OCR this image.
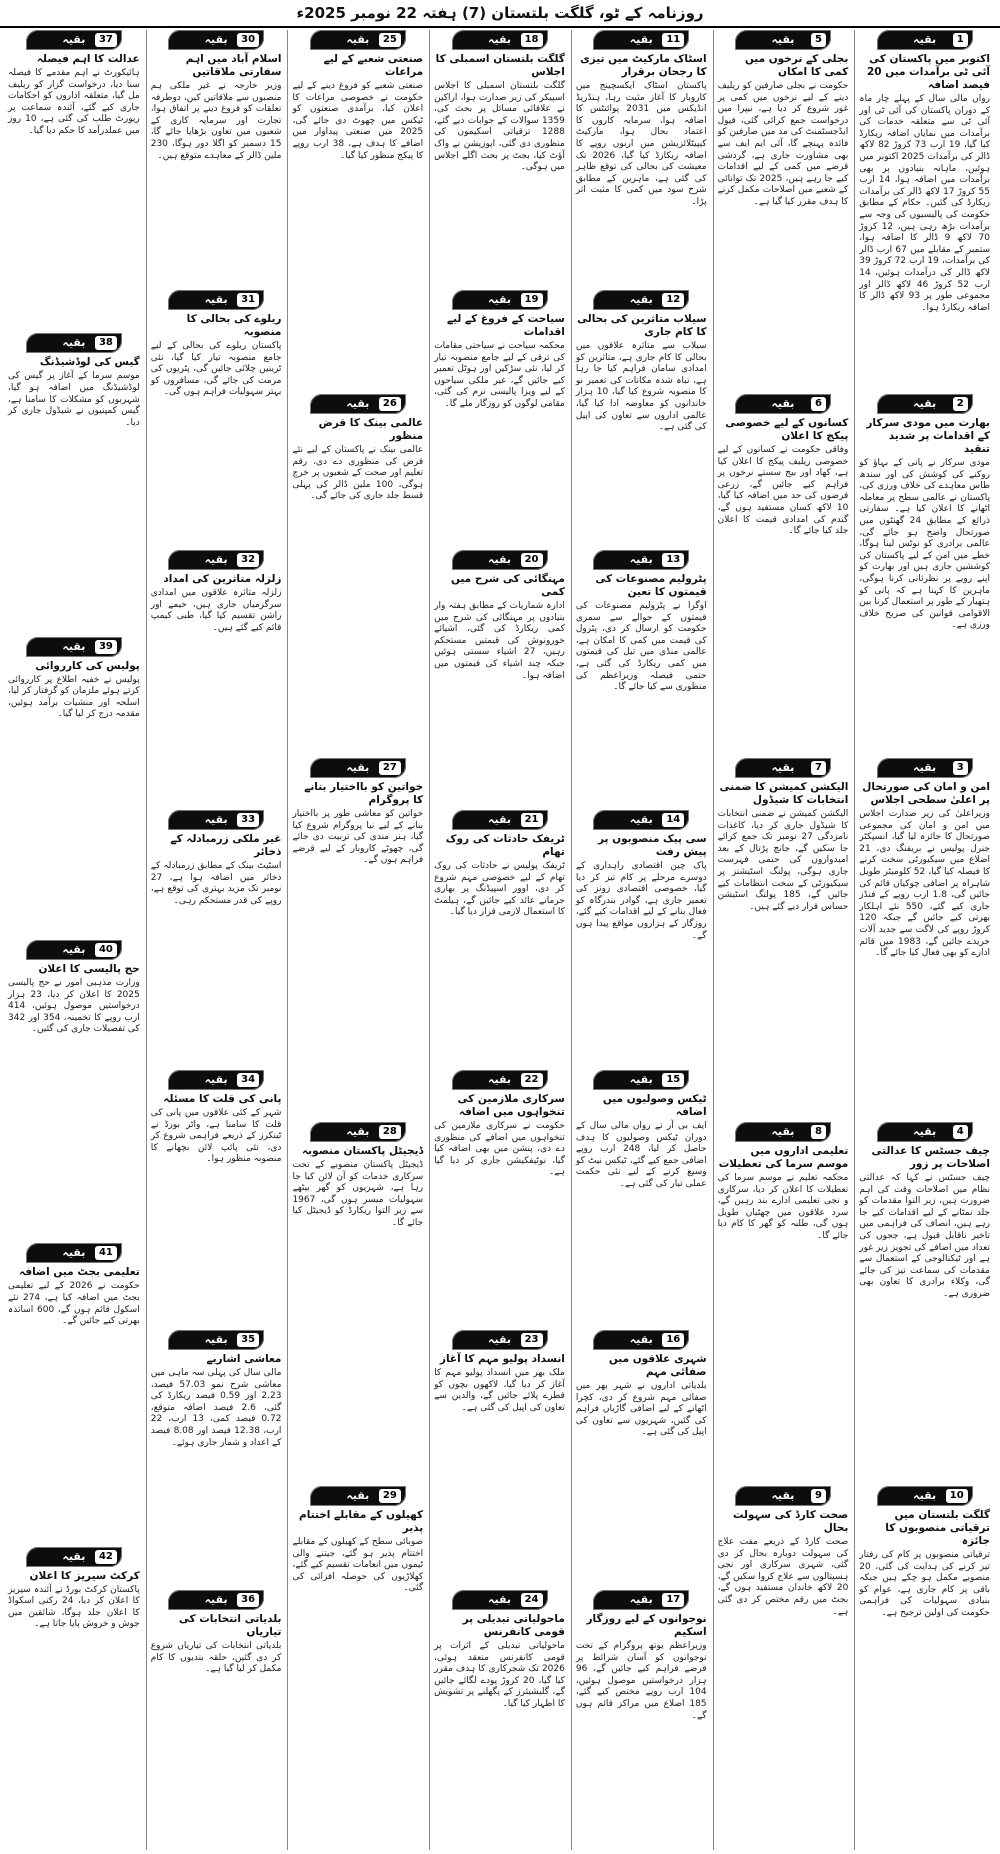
روزنامہ کے ٹو، گلگت بلتستان (7) ہفتہ 22 نومبر 2025ء
بقیہ	1
اکتوبر میں پاکستان کی آئی ٹی برآمدات میں 20 فیصد اضافہ
رواں مالی سال کے پہلے چار ماہ کے دوران پاکستان کی آئی ٹی اور آئی ٹی سے متعلقہ خدمات کی برآمدات میں نمایاں اضافہ ریکارڈ کیا گیا، 19 ارب 73 کروڑ 82 لاکھ ڈالر کی برآمدات 2025 اکتوبر میں ہوئیں، ماہانہ بنیادوں پر بھی برآمدات میں اضافہ ہوا، 14 ارب 55 کروڑ 17 لاکھ ڈالر کی برآمدات ریکارڈ کی گئیں۔ حکام کے مطابق حکومت کی پالیسیوں کی وجہ سے برآمدات بڑھ رہی ہیں، 12 کروڑ 70 لاکھ 9 ڈالر کا اضافہ ہوا، ستمبر کے مقابلے میں 67 ارب ڈالر کی برآمدات، 19 ارب 72 کروڑ 39 لاکھ ڈالر کی درآمدات ہوئیں، 14 ارب 52 کروڑ 46 لاکھ ڈالر اور مجموعی طور پر 93 لاکھ ڈالر کا اضافہ ریکارڈ ہوا۔
بقیہ	2
بھارت میں مودی سرکار کے اقدامات پر شدید تنقید
مودی سرکار نے پانی کے بہاؤ کو روکنے کی کوشش کی اور سندھ طاس معاہدے کی خلاف ورزی کی، پاکستان نے عالمی سطح پر معاملہ اٹھانے کا اعلان کیا ہے۔ سفارتی ذرائع کے مطابق 24 گھنٹوں میں صورتحال واضح ہو جائے گی، عالمی برادری کو نوٹس لینا ہوگا، خطے میں امن کے لیے پاکستان کی کوششیں جاری ہیں اور بھارت کو اپنے رویے پر نظرثانی کرنا ہوگی، ماہرین کا کہنا ہے کہ پانی کو ہتھیار کے طور پر استعمال کرنا بین الاقوامی قوانین کی صریح خلاف ورزی ہے۔
بقیہ	3
امن و امان کی صورتحال پر اعلیٰ سطحی اجلاس
وزیراعلیٰ کی زیر صدارت اجلاس میں امن و امان کی مجموعی صورتحال کا جائزہ لیا گیا، انسپکٹر جنرل پولیس نے بریفنگ دی، 21 اضلاع میں سیکیورٹی سخت کرنے کا فیصلہ کیا گیا، 52 کلومیٹر طویل شاہراہ پر اضافی چوکیاں قائم کی جائیں گی، 1.8 ارب روپے کے فنڈز جاری کیے گئے، 550 نئے اہلکار بھرتی کیے جائیں گے جبکہ 120 کروڑ روپے کی لاگت سے جدید آلات خریدے جائیں گے، 1983 میں قائم ادارے کو بھی فعال کیا جائے گا۔
بقیہ	4
چیف جسٹس کا عدالتی اصلاحات پر زور
چیف جسٹس نے کہا کہ عدالتی نظام میں اصلاحات وقت کی اہم ضرورت ہیں، زیر التوا مقدمات کو جلد نمٹانے کے لیے اقدامات کیے جا رہے ہیں، انصاف کی فراہمی میں تاخیر ناقابل قبول ہے، ججوں کی تعداد میں اضافے کی تجویز زیر غور ہے اور ٹیکنالوجی کے استعمال سے مقدمات کی سماعت تیز کی جائے گی، وکلاء برادری کا تعاون بھی ضروری ہے۔
بقیہ	10
گلگت بلتستان میں ترقیاتی منصوبوں کا جائزہ
ترقیاتی منصوبوں پر کام کی رفتار تیز کرنے کی ہدایت کی گئی، 20 منصوبے مکمل ہو چکے ہیں جبکہ باقی پر کام جاری ہے، عوام کو بنیادی سہولیات کی فراہمی حکومت کی اولین ترجیح ہے۔
بقیہ	5
بجلی کے نرخوں میں کمی کا امکان
حکومت نے بجلی صارفین کو ریلیف دینے کے لیے نرخوں میں کمی پر غور شروع کر دیا ہے، نیپرا میں درخواست جمع کرائی گئی، فیول ایڈجسٹمنٹ کی مد میں صارفین کو فائدہ پہنچے گا، آئی ایم ایف سے بھی مشاورت جاری ہے، گردشی قرضے میں کمی کے لیے اقدامات کیے جا رہے ہیں، 2025 تک توانائی کے شعبے میں اصلاحات مکمل کرنے کا ہدف مقرر کیا گیا ہے۔
بقیہ	6
کسانوں کے لیے خصوصی پیکج کا اعلان
وفاقی حکومت نے کسانوں کے لیے خصوصی ریلیف پیکج کا اعلان کیا ہے، کھاد اور بیج سستے نرخوں پر فراہم کیے جائیں گے، زرعی قرضوں کی حد میں اضافہ کیا گیا، 10 لاکھ کسان مستفید ہوں گے، گندم کی امدادی قیمت کا اعلان جلد کیا جائے گا۔
بقیہ	7
الیکشن کمیشن کا ضمنی انتخابات کا شیڈول
الیکشن کمیشن نے ضمنی انتخابات کا شیڈول جاری کر دیا، کاغذات نامزدگی 27 نومبر تک جمع کرائے جا سکیں گے، جانچ پڑتال کے بعد امیدواروں کی حتمی فہرست جاری ہوگی، پولنگ اسٹیشنز پر سیکیورٹی کے سخت انتظامات کیے جائیں گے، 185 پولنگ اسٹیشن حساس قرار دیے گئے ہیں۔
بقیہ	8
تعلیمی اداروں میں موسم سرما کی تعطیلات
محکمہ تعلیم نے موسم سرما کی تعطیلات کا اعلان کر دیا، سرکاری و نجی تعلیمی ادارے بند رہیں گے، سرد علاقوں میں چھٹیاں طویل ہوں گی، طلبہ کو گھر کا کام دیا جائے گا۔
بقیہ	9
صحت کارڈ کی سہولت بحال
صحت کارڈ کے ذریعے مفت علاج کی سہولت دوبارہ بحال کر دی گئی، شہری سرکاری اور نجی ہسپتالوں سے علاج کروا سکیں گے، 20 لاکھ خاندان مستفید ہوں گے، بجٹ میں رقم مختص کر دی گئی ہے۔
بقیہ	11
اسٹاک مارکیٹ میں تیزی کا رجحان برقرار
پاکستان اسٹاک ایکسچینج میں کاروبار کا آغاز مثبت رہا، ہنڈریڈ انڈیکس میں 2031 پوائنٹس کا اضافہ ہوا، سرمایہ کاروں کا اعتماد بحال ہوا، مارکیٹ کیپیٹلائزیشن میں اربوں روپے کا اضافہ ریکارڈ کیا گیا، 2026 تک معیشت کی بحالی کی توقع ظاہر کی گئی ہے، ماہرین کے مطابق شرح سود میں کمی کا مثبت اثر پڑا۔
بقیہ	12
سیلاب متاثرین کی بحالی کا کام جاری
سیلاب سے متاثرہ علاقوں میں بحالی کا کام جاری ہے، متاثرین کو امدادی سامان فراہم کیا جا رہا ہے، تباہ شدہ مکانات کی تعمیر نو کا منصوبہ شروع کیا گیا، 10 ہزار خاندانوں کو معاوضہ ادا کیا گیا، عالمی اداروں سے تعاون کی اپیل کی گئی ہے۔
بقیہ	13
پٹرولیم مصنوعات کی قیمتوں کا تعین
اوگرا نے پٹرولیم مصنوعات کی قیمتوں کے حوالے سے سمری حکومت کو ارسال کر دی، پٹرول کی قیمت میں کمی کا امکان ہے، عالمی منڈی میں تیل کی قیمتوں میں کمی ریکارڈ کی گئی ہے، حتمی فیصلہ وزیراعظم کی منظوری سے کیا جائے گا۔
بقیہ	14
سی پیک منصوبوں پر پیش رفت
پاک چین اقتصادی راہداری کے دوسرے مرحلے پر کام تیز کر دیا گیا، خصوصی اقتصادی زونز کی تعمیر جاری ہے، گوادر بندرگاہ کو فعال بنانے کے لیے اقدامات کیے گئے، روزگار کے ہزاروں مواقع پیدا ہوں گے۔
بقیہ	15
ٹیکس وصولیوں میں اضافہ
ایف بی آر نے رواں مالی سال کے دوران ٹیکس وصولیوں کا ہدف حاصل کر لیا، 248 ارب روپے اضافی جمع کیے گئے، ٹیکس نیٹ کو وسیع کرنے کے لیے نئی حکمت عملی تیار کی گئی ہے۔
بقیہ	16
شہری علاقوں میں صفائی مہم
بلدیاتی اداروں نے شہر بھر میں صفائی مہم شروع کر دی، کچرا اٹھانے کے لیے اضافی گاڑیاں فراہم کی گئیں، شہریوں سے تعاون کی اپیل کی گئی ہے۔
بقیہ	17
نوجوانوں کے لیے روزگار اسکیم
وزیراعظم یوتھ پروگرام کے تحت نوجوانوں کو آسان شرائط پر قرضے فراہم کیے جائیں گے، 96 ہزار درخواستیں موصول ہوئیں، 104 ارب روپے مختص کیے گئے، 185 اضلاع میں مراکز قائم ہوں گے۔
بقیہ	18
گلگت بلتستان اسمبلی کا اجلاس
گلگت بلتستان اسمبلی کا اجلاس اسپیکر کی زیر صدارت ہوا، اراکین نے علاقائی مسائل پر بحث کی، 1359 سوالات کے جوابات دیے گئے، 1288 ترقیاتی اسکیموں کی منظوری دی گئی، اپوزیشن نے واک آؤٹ کیا، بجٹ پر بحث اگلے اجلاس میں ہوگی۔
بقیہ	19
سیاحت کے فروغ کے لیے اقدامات
محکمہ سیاحت نے سیاحتی مقامات کی ترقی کے لیے جامع منصوبہ تیار کر لیا، نئی سڑکیں اور ہوٹل تعمیر کیے جائیں گے، غیر ملکی سیاحوں کے لیے ویزا پالیسی نرم کی گئی، مقامی لوگوں کو روزگار ملے گا۔
بقیہ	20
مہنگائی کی شرح میں کمی
ادارہ شماریات کے مطابق ہفتہ وار بنیادوں پر مہنگائی کی شرح میں کمی ریکارڈ کی گئی، اشیائے خورونوش کی قیمتیں مستحکم رہیں، 27 اشیاء سستی ہوئیں جبکہ چند اشیاء کی قیمتوں میں اضافہ ہوا۔
بقیہ	21
ٹریفک حادثات کی روک تھام
ٹریفک پولیس نے حادثات کی روک تھام کے لیے خصوصی مہم شروع کر دی، اوور اسپیڈنگ پر بھاری جرمانے عائد کیے جائیں گے، ہیلمٹ کا استعمال لازمی قرار دیا گیا۔
بقیہ	22
سرکاری ملازمین کی تنخواہوں میں اضافہ
حکومت نے سرکاری ملازمین کی تنخواہوں میں اضافے کی منظوری دے دی، پنشن میں بھی اضافہ کیا گیا، نوٹیفکیشن جاری کر دیا گیا ہے۔
بقیہ	23
انسداد پولیو مہم کا آغاز
ملک بھر میں انسداد پولیو مہم کا آغاز کر دیا گیا، لاکھوں بچوں کو قطرے پلائے جائیں گے، والدین سے تعاون کی اپیل کی گئی ہے۔
بقیہ	24
ماحولیاتی تبدیلی پر قومی کانفرنس
ماحولیاتی تبدیلی کے اثرات پر قومی کانفرنس منعقد ہوئی، 2026 تک شجرکاری کا ہدف مقرر کیا گیا، 20 کروڑ پودے لگائے جائیں گے، گلیشیئرز کے پگھلنے پر تشویش کا اظہار کیا گیا۔
بقیہ	25
صنعتی شعبے کے لیے مراعات
صنعتی شعبے کو فروغ دینے کے لیے حکومت نے خصوصی مراعات کا اعلان کیا، برآمدی صنعتوں کو ٹیکس میں چھوٹ دی جائے گی، 2025 میں صنعتی پیداوار میں اضافے کا ہدف ہے، 38 ارب روپے کا پیکج منظور کیا گیا۔
بقیہ	26
عالمی بینک کا قرض منظور
عالمی بینک نے پاکستان کے لیے نئے قرض کی منظوری دے دی، رقم تعلیم اور صحت کے شعبوں پر خرچ ہوگی، 100 ملین ڈالر کی پہلی قسط جلد جاری کی جائے گی۔
بقیہ	27
خواتین کو بااختیار بنانے کا پروگرام
خواتین کو معاشی طور پر بااختیار بنانے کے لیے نیا پروگرام شروع کیا گیا، ہنر مندی کی تربیت دی جائے گی، چھوٹے کاروبار کے لیے قرضے فراہم ہوں گے۔
بقیہ	28
ڈیجیٹل پاکستان منصوبہ
ڈیجیٹل پاکستان منصوبے کے تحت سرکاری خدمات کو آن لائن کیا جا رہا ہے، شہریوں کو گھر بیٹھے سہولیات میسر ہوں گی، 1967 سے زیر التوا ریکارڈ کو ڈیجیٹل کیا جائے گا۔
بقیہ	29
کھیلوں کے مقابلے اختتام پذیر
صوبائی سطح کے کھیلوں کے مقابلے اختتام پذیر ہو گئے، جیتنے والی ٹیموں میں انعامات تقسیم کیے گئے، کھلاڑیوں کی حوصلہ افزائی کی گئی۔
بقیہ	30
اسلام آباد میں اہم سفارتی ملاقاتیں
وزیر خارجہ نے غیر ملکی ہم منصبوں سے ملاقاتیں کیں، دوطرفہ تعلقات کو فروغ دینے پر اتفاق ہوا، تجارت اور سرمایہ کاری کے شعبوں میں تعاون بڑھایا جائے گا، 15 دسمبر کو اگلا دور ہوگا، 230 ملین ڈالر کے معاہدے متوقع ہیں۔
بقیہ	31
ریلوے کی بحالی کا منصوبہ
پاکستان ریلوے کی بحالی کے لیے جامع منصوبہ تیار کیا گیا، نئی ٹرینیں چلائی جائیں گی، پٹریوں کی مرمت کی جائے گی، مسافروں کو بہتر سہولیات فراہم ہوں گی۔
بقیہ	32
زلزلہ متاثرین کی امداد
زلزلہ متاثرہ علاقوں میں امدادی سرگرمیاں جاری ہیں، خیمے اور راشن تقسیم کیا گیا، طبی کیمپ قائم کیے گئے ہیں۔
بقیہ	33
غیر ملکی زرمبادلہ کے ذخائر
اسٹیٹ بینک کے مطابق زرمبادلہ کے ذخائر میں اضافہ ہوا ہے، 27 نومبر تک مزید بہتری کی توقع ہے، روپے کی قدر مستحکم رہی۔
بقیہ	34
پانی کی قلت کا مسئلہ
شہر کے کئی علاقوں میں پانی کی قلت کا سامنا ہے، واٹر بورڈ نے ٹینکرز کے ذریعے فراہمی شروع کر دی، نئی پائپ لائن بچھانے کا منصوبہ منظور ہوا۔
بقیہ	35
معاشی اشاریے
مالی سال کی پہلی سہ ماہی میں معاشی شرح نمو 57.03 فیصد، 2.23 اور 0.59 فیصد ریکارڈ کی گئی، 2.6 فیصد اضافہ متوقع، 0.72 فیصد کمی، 13 ارب، 22 ارب، 12.38 فیصد اور 8.08 فیصد کے اعداد و شمار جاری ہوئے۔
بقیہ	36
بلدیاتی انتخابات کی تیاریاں
بلدیاتی انتخابات کی تیاریاں شروع کر دی گئیں، حلقہ بندیوں کا کام مکمل کر لیا گیا ہے۔
بقیہ	37
عدالت کا اہم فیصلہ
ہائیکورٹ نے اہم مقدمے کا فیصلہ سنا دیا، درخواست گزار کو ریلیف مل گیا، متعلقہ اداروں کو احکامات جاری کیے گئے، آئندہ سماعت پر رپورٹ طلب کی گئی ہے، 10 روز میں عملدرآمد کا حکم دیا گیا۔
بقیہ	38
گیس کی لوڈشیڈنگ
موسم سرما کے آغاز پر گیس کی لوڈشیڈنگ میں اضافہ ہو گیا، شہریوں کو مشکلات کا سامنا ہے، گیس کمپنیوں نے شیڈول جاری کر دیا۔
بقیہ	39
پولیس کی کارروائی
پولیس نے خفیہ اطلاع پر کارروائی کرتے ہوئے ملزمان کو گرفتار کر لیا، اسلحہ اور منشیات برآمد ہوئیں، مقدمہ درج کر لیا گیا۔
بقیہ	40
حج پالیسی کا اعلان
وزارت مذہبی امور نے حج پالیسی 2025 کا اعلان کر دیا، 23 ہزار درخواستیں موصول ہوئیں، 414 ارب روپے کا تخمینہ، 354 اور 342 کی تفصیلات جاری کی گئیں۔
بقیہ	41
تعلیمی بجٹ میں اضافہ
حکومت نے 2026 کے لیے تعلیمی بجٹ میں اضافہ کیا ہے، 274 نئے اسکول قائم ہوں گے، 600 اساتذہ بھرتی کیے جائیں گے۔
بقیہ	42
کرکٹ سیریز کا اعلان
پاکستان کرکٹ بورڈ نے آئندہ سیریز کا اعلان کر دیا، 24 رکنی اسکواڈ کا اعلان جلد ہوگا، شائقین میں جوش و خروش پایا جاتا ہے۔
